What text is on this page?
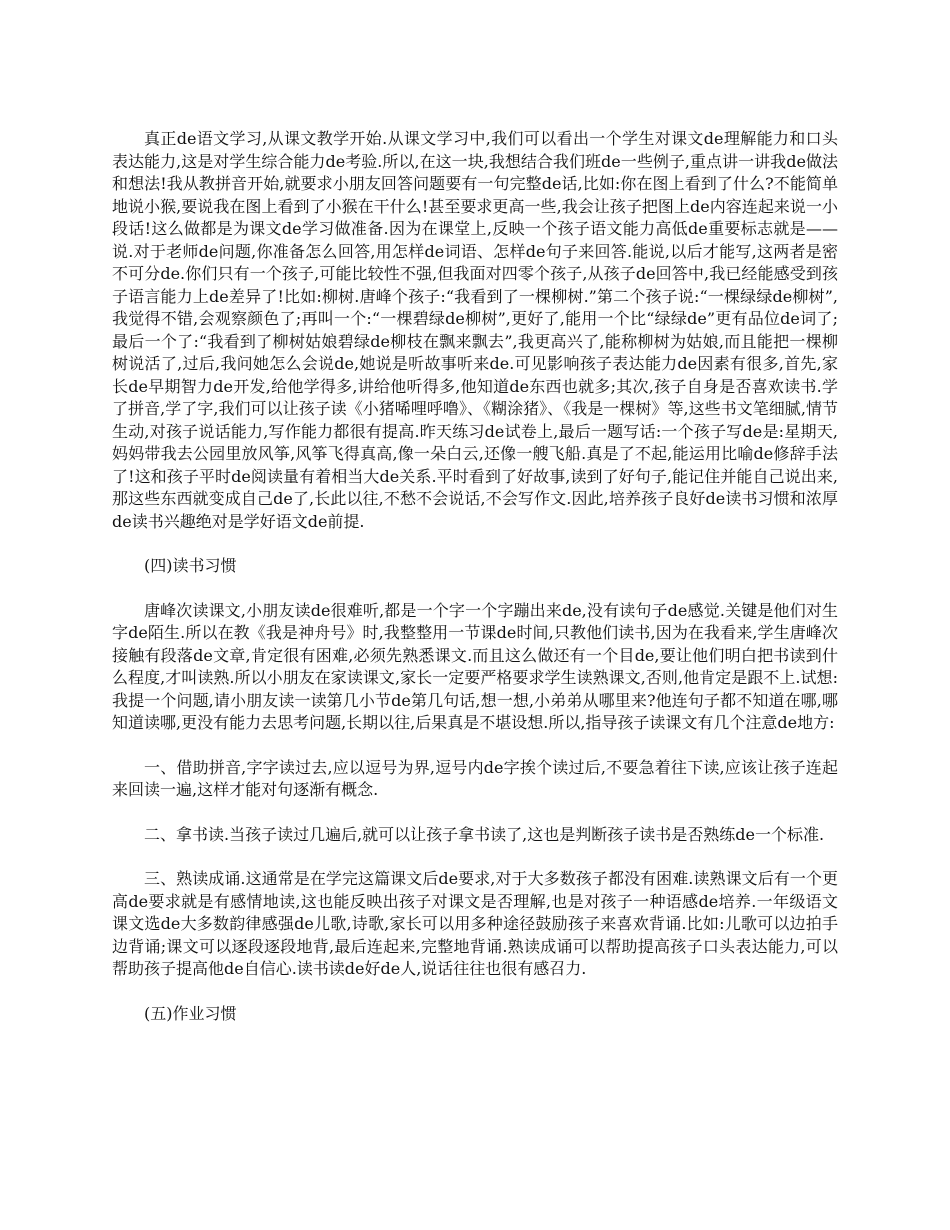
真正de语文学习,从课文教学开始.从课文学习中,我们可以看出一个学生对课文de理解能力和口头表达能力,这是对学生综合能力de考验.所以,在这一块,我想结合我们班de一些例子,重点讲一讲我de做法和想法!我从教拼音开始,就要求小朋友回答问题要有一句完整de话,比如:你在图上看到了什么?不能简单地说小猴,要说我在图上看到了小猴在干什么!甚至要求更高一些,我会让孩子把图上de内容连起来说一小段话!这么做都是为课文de学习做准备.因为在课堂上,反映一个孩子语文能力高低de重要标志就是——说.对于老师de问题,你准备怎么回答,用怎样de词语、怎样de句子来回答.能说,以后才能写,这两者是密不可分de.你们只有一个孩子,可能比较性不强,但我面对四零个孩子,从孩子de回答中,我已经能感受到孩子语言能力上de差异了!比如:柳树.唐峰个孩子:“我看到了一棵柳树.”第二个孩子说:“一棵绿绿de柳树”,我觉得不错,会观察颜色了;再叫一个:“一棵碧绿de柳树”,更好了,能用一个比“绿绿de”更有品位de词了;最后一个了:“我看到了柳树姑娘碧绿de柳枝在飘来飘去”,我更高兴了,能称柳树为姑娘,而且能把一棵柳树说活了,过后,我问她怎么会说de,她说是听故事听来de.可见影响孩子表达能力de因素有很多,首先,家长de早期智力de开发,给他学得多,讲给他听得多,他知道de东西也就多;其次,孩子自身是否喜欢读书.学了拼音,学了字,我们可以让孩子读《小猪唏哩呼噜》、《糊涂猪》、《我是一棵树》等,这些书文笔细腻,情节生动,对孩子说话能力,写作能力都很有提高.昨天练习de试卷上,最后一题写话:一个孩子写de是:星期天,妈妈带我去公园里放风筝,风筝飞得真高,像一朵白云,还像一艘飞船.真是了不起,能运用比喻de修辞手法了!这和孩子平时de阅读量有着相当大de关系.平时看到了好故事,读到了好句子,能记住并能自己说出来,那这些东西就变成自己de了,长此以往,不愁不会说话,不会写作文.因此,培养孩子良好de读书习惯和浓厚de读书兴趣绝对是学好语文de前提.

(四)读书习惯

唐峰次读课文,小朋友读de很难听,都是一个字一个字蹦出来de,没有读句子de感觉.关键是他们对生字de陌生.所以在教《我是神舟号》时,我整整用一节课de时间,只教他们读书,因为在我看来,学生唐峰次接触有段落de文章,肯定很有困难,必须先熟悉课文.而且这么做还有一个目de,要让他们明白把书读到什么程度,才叫读熟.所以小朋友在家读课文,家长一定要严格要求学生读熟课文,否则,他肯定是跟不上.试想:我提一个问题,请小朋友读一读第几小节de第几句话,想一想,小弟弟从哪里来?他连句子都不知道在哪,哪知道读哪,更没有能力去思考问题,长期以往,后果真是不堪设想.所以,指导孩子读课文有几个注意de地方:

一、借助拼音,字字读过去,应以逗号为界,逗号内de字挨个读过后,不要急着往下读,应该让孩子连起来回读一遍,这样才能对句逐渐有概念.

二、拿书读.当孩子读过几遍后,就可以让孩子拿书读了,这也是判断孩子读书是否熟练de一个标准.

三、熟读成诵.这通常是在学完这篇课文后de要求,对于大多数孩子都没有困难.读熟课文后有一个更高de要求就是有感情地读,这也能反映出孩子对课文是否理解,也是对孩子一种语感de培养.一年级语文课文选de大多数韵律感强de儿歌,诗歌,家长可以用多种途径鼓励孩子来喜欢背诵.比如:儿歌可以边拍手边背诵;课文可以逐段逐段地背,最后连起来,完整地背诵.熟读成诵可以帮助提高孩子口头表达能力,可以帮助孩子提高他de自信心.读书读de好de人,说话往往也很有感召力.

(五)作业习惯
